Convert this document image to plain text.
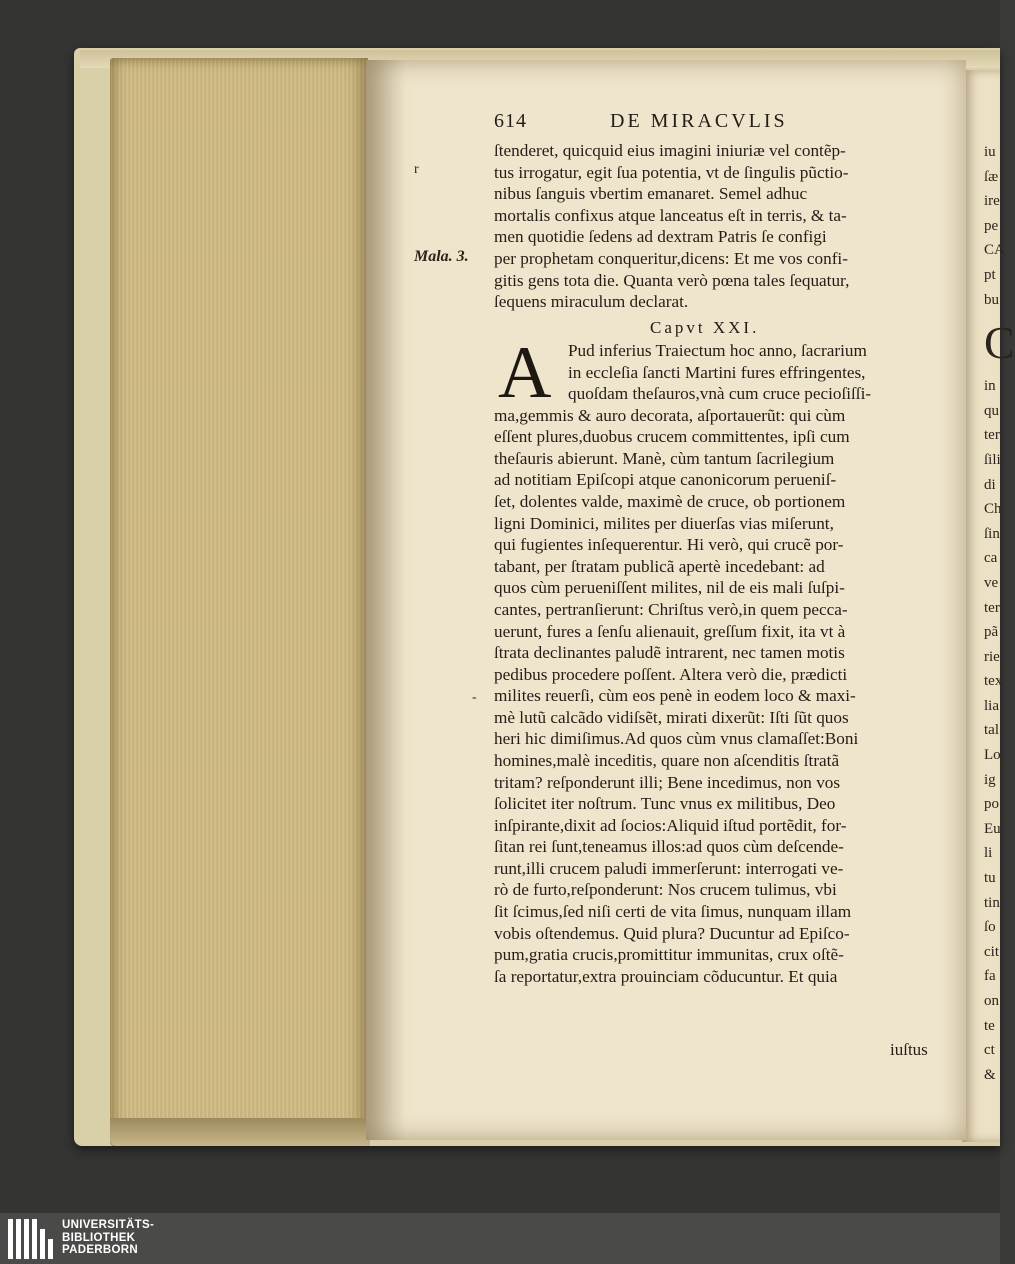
iu
ſæ
ire
pe
CA
pt
bu
C
in
qu
ter
ſili
di
Ch
ſin
ca
ve
ter
pã
rie
tex
lia
tal
Lo
ig
po
Eu
li
tu
tin
ſo
cit
fa
on
te
ct
&
614	DE MIRACVLIS
r
Mala. 3.
-
ſtenderet, quicquid eius imagini iniuriæ vel contẽp-
tus irrogatur, egit ſua potentia, vt de ſingulis pũctio-
nibus ſanguis vbertim emanaret. Semel adhuc
mortalis confixus atque lanceatus eſt in terris, & ta-
men quotidie ſedens ad dextram Patris ſe configi
per prophetam conqueritur,dicens: Et me vos confi-
gitis gens tota die. Quanta verò pœna tales ſequatur,
ſequens miraculum declarat.
Capvt XXI.
A Pud inferius Traiectum hoc anno, ſacrarium
in eccleſia ſancti Martini fures effringentes,
quoſdam theſauros,vnà cum cruce pecioſiſſi-
ma,gemmis & auro decorata, aſportauerũt: qui cùm
eſſent plures,duobus crucem committentes, ipſi cum
theſauris abierunt. Manè, cùm tantum ſacrilegium
ad notitiam Epiſcopi atque canonicorum perueniſ-
ſet, dolentes valde, maximè de cruce, ob portionem
ligni Dominici, milites per diuerſas vias miſerunt,
qui fugientes inſequerentur. Hi verò, qui crucẽ por-
tabant, per ſtratam publicã apertè incedebant: ad
quos cùm perueniſſent milites, nil de eis mali ſuſpi-
cantes, pertranſierunt: Chriſtus verò,in quem pecca-
uerunt, fures a ſenſu alienauit, greſſum fixit, ita vt à
ſtrata declinantes paludẽ intrarent, nec tamen motis
pedibus procedere poſſent. Altera verò die, prædicti
milites reuerſi, cùm eos penè in eodem loco & maxi-
mè lutũ calcãdo vidiſsẽt, mirati dixerũt: Iſti ſũt quos
heri hic dimiſimus.Ad quos cùm vnus clamaſſet:Boni
homines,malè inceditis, quare non aſcenditis ſtratã
tritam? reſponderunt illi; Bene incedimus, non vos
ſolicitet iter noſtrum. Tunc vnus ex militibus, Deo
inſpirante,dixit ad ſocios:Aliquid iſtud portẽdit, for-
ſitan rei ſunt,teneamus illos:ad quos cùm deſcende-
runt,illi crucem paludi immerſerunt: interrogati ve-
rò de furto,reſponderunt: Nos crucem tulimus, vbi
ſit ſcimus,ſed niſi certi de vita ſimus, nunquam illam
vobis oſtendemus. Quid plura? Ducuntur ad Epiſco-
pum,gratia crucis,promittitur immunitas, crux oſtẽ-
ſa reportatur,extra prouinciam cõducuntur. Et quia
iuſtus
UNIVERSITÄTS-
BIBLIOTHEK
PADERBORN
